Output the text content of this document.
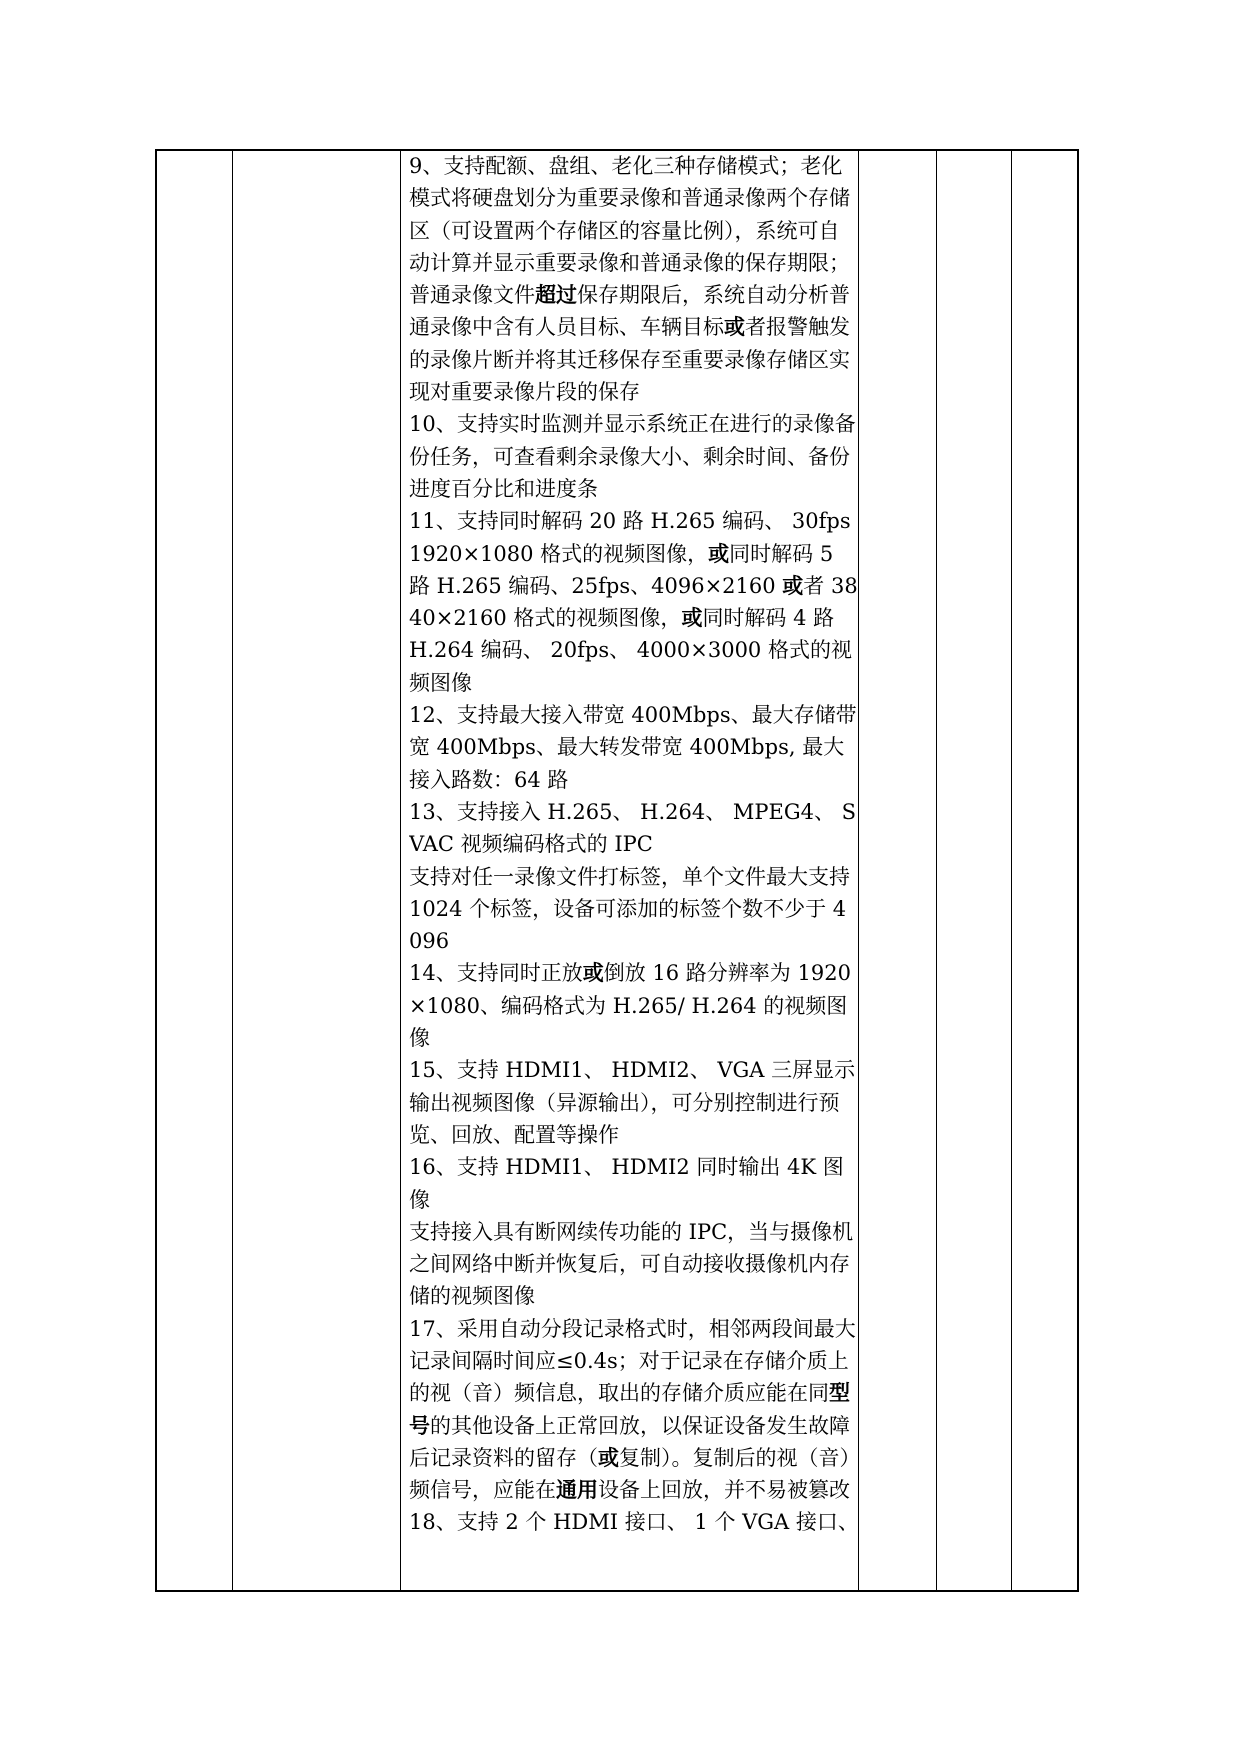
9、支持配额、盘组、老化三种存储模式；老化模式将硬盘划分为重要录像和普通录像两个存储区（可设置两个存储区的容量比例），系统可自动计算并显示重要录像和普通录像的保存期限；普通录像文件超过保存期限后，系统自动分析普通录像中含有人员目标、车辆目标或者报警触发的录像片断并将其迁移保存至重要录像存储区实现对重要录像片段的保存

10、支持实时监测并显示系统正在进行的录像备份任务，可查看剩余录像大小、剩余时间、备份进度百分比和进度条

11、支持同时解码 20 路 H.265 编码、 30fps 1920×1080 格式的视频图像，或同时解码 5 路 H.265 编码、25fps、4096×2160 或者 3840×2160 格式的视频图像，或同时解码 4 路 H.264 编码、 20fps、 4000×3000 格式的视频图像

12、支持最大接入带宽 400Mbps、最大存储带宽 400Mbps、最大转发带宽 400Mbps, 最大接入路数：64 路

13、支持接入 H.265、 H.264、 MPEG4、 SVAC 视频编码格式的 IPC

支持对任一录像文件打标签，单个文件最大支持 1024 个标签，设备可添加的标签个数不少于 4096

14、支持同时正放或倒放 16 路分辨率为 1920×1080、编码格式为 H.265/ H.264 的视频图像

15、支持 HDMI1、 HDMI2、 VGA 三屏显示输出视频图像（异源输出），可分别控制进行预览、回放、配置等操作

16、支持 HDMI1、 HDMI2 同时输出 4K 图像

支持接入具有断网续传功能的 IPC，当与摄像机之间网络中断并恢复后，可自动接收摄像机内存储的视频图像

17、采用自动分段记录格式时，相邻两段间最大记录间隔时间应≤0.4s；对于记录在存储介质上的视（音）频信息，取出的存储介质应能在同型号的其他设备上正常回放，以保证设备发生故障后记录资料的留存（或复制）。复制后的视（音）频信号，应能在通用设备上回放，并不易被篡改

18、支持 2 个 HDMI 接口、 1 个 VGA 接口、
